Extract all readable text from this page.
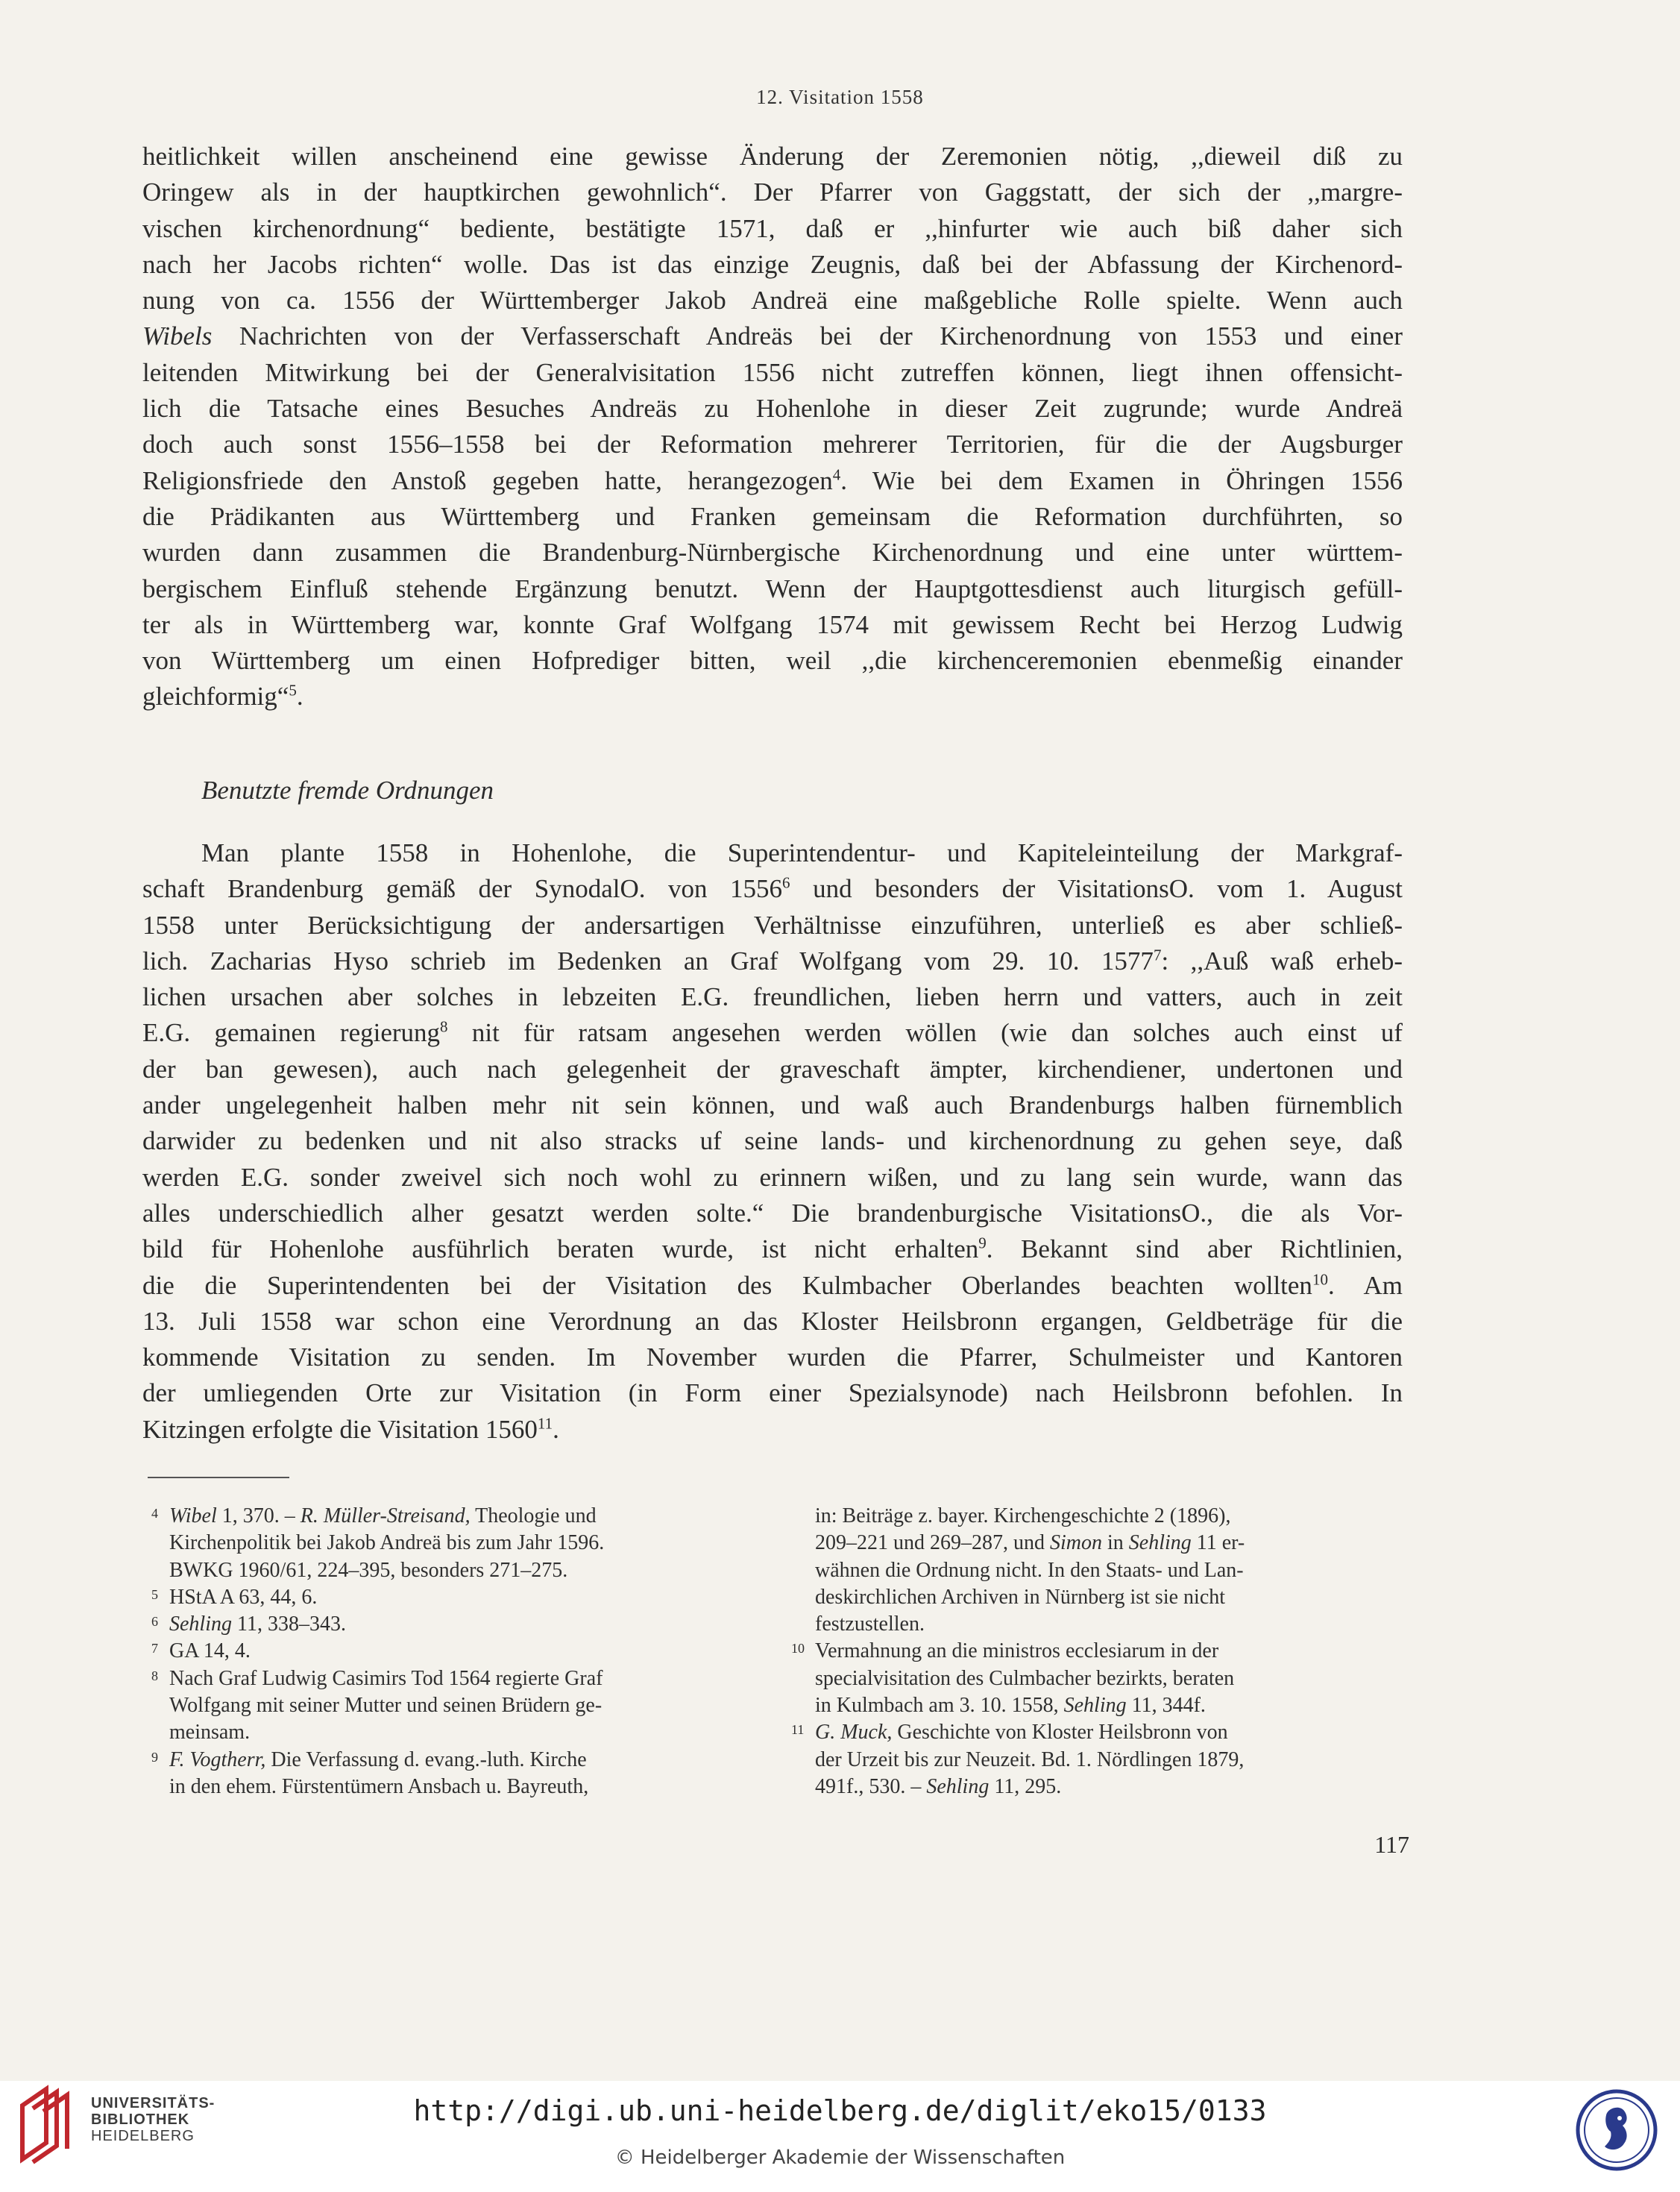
12. Visitation 1558
heitlichkeit willen anscheinend eine gewisse Änderung der Zeremonien nötig, ,,dieweil diß zu
Oringew als in der hauptkirchen gewohnlich“. Der Pfarrer von Gaggstatt, der sich der ,,margre-
vischen kirchenordnung“ bediente, bestätigte 1571, daß er ,,hinfurter wie auch biß daher sich
nach her Jacobs richten“ wolle. Das ist das einzige Zeugnis, daß bei der Abfassung der Kirchenord-
nung von ca. 1556 der Württemberger Jakob Andreä eine maßgebliche Rolle spielte. Wenn auch
Wibels Nachrichten von der Verfasserschaft Andreäs bei der Kirchenordnung von 1553 und einer
leitenden Mitwirkung bei der Generalvisitation 1556 nicht zutreffen können, liegt ihnen offensicht-
lich die Tatsache eines Besuches Andreäs zu Hohenlohe in dieser Zeit zugrunde; wurde Andreä
doch auch sonst 1556–1558 bei der Reformation mehrerer Territorien, für die der Augsburger
Religionsfriede den Anstoß gegeben hatte, herangezogen$^4$. Wie bei dem Examen in Öhringen 1556
die Prädikanten aus Württemberg und Franken gemeinsam die Reformation durchführten, so
wurden dann zusammen die Brandenburg-Nürnbergische Kirchenordnung und eine unter württem-
bergischem Einfluß stehende Ergänzung benutzt. Wenn der Hauptgottesdienst auch liturgisch gefüll-
ter als in Württemberg war, konnte Graf Wolfgang 1574 mit gewissem Recht bei Herzog Ludwig
von Württemberg um einen Hofprediger bitten, weil ,,die kirchenceremonien ebenmeßig einander
gleichformig“$^5$.
Benutzte fremde Ordnungen
Man plante 1558 in Hohenlohe, die Superintendentur- und Kapiteleinteilung der Markgraf-
schaft Brandenburg gemäß der SynodalO. von 1556$^6$ und besonders der VisitationsO. vom 1. August
1558 unter Berücksichtigung der andersartigen Verhältnisse einzuführen, unterließ es aber schließ-
lich. Zacharias Hyso schrieb im Bedenken an Graf Wolfgang vom 29. 10. 1577$^7$: ,,Auß waß erheb-
lichen ursachen aber solches in lebzeiten E.G. freundlichen, lieben herrn und vatters, auch in zeit
E.G. gemainen regierung$^8$ nit für ratsam angesehen werden wöllen (wie dan solches auch einst uf
der ban gewesen), auch nach gelegenheit der graveschaft ämpter, kirchendiener, undertonen und
ander ungelegenheit halben mehr nit sein können, und waß auch Brandenburgs halben fürnemblich
darwider zu bedenken und nit also stracks uf seine lands- und kirchenordnung zu gehen seye, daß
werden E.G. sonder zweivel sich noch wohl zu erinnern wißen, und zu lang sein wurde, wann das
alles underschiedlich alher gesatzt werden solte.“ Die brandenburgische VisitationsO., die als Vor-
bild für Hohenlohe ausführlich beraten wurde, ist nicht erhalten$^9$. Bekannt sind aber Richtlinien,
die die Superintendenten bei der Visitation des Kulmbacher Oberlandes beachten wollten$^{10}$. Am
13. Juli 1558 war schon eine Verordnung an das Kloster Heilsbronn ergangen, Geldbeträge für die
kommende Visitation zu senden. Im November wurden die Pfarrer, Schulmeister und Kantoren
der umliegenden Orte zur Visitation (in Form einer Spezialsynode) nach Heilsbronn befohlen. In
Kitzingen erfolgte die Visitation 1560$^{11}$.
4 Wibel 1, 370. – R. Müller-Streisand, Theologie und
Kirchenpolitik bei Jakob Andreä bis zum Jahr 1596.
BWKG 1960/61, 224–395, besonders 271–275.
5 HStA A 63, 44, 6.
6 Sehling 11, 338–343.
7 GA 14, 4.
8 Nach Graf Ludwig Casimirs Tod 1564 regierte Graf
Wolfgang mit seiner Mutter und seinen Brüdern ge-
meinsam.
9 F. Vogtherr, Die Verfassung d. evang.-luth. Kirche
in den ehem. Fürstentümern Ansbach u. Bayreuth,
in: Beiträge z. bayer. Kirchengeschichte 2 (1896),
209–221 und 269–287, und Simon in Sehling 11 er-
wähnen die Ordnung nicht. In den Staats- und Lan-
deskirchlichen Archiven in Nürnberg ist sie nicht
festzustellen.
10 Vermahnung an die ministros ecclesiarum in der
specialvisitation des Culmbacher bezirkts, beraten
in Kulmbach am 3. 10. 1558, Sehling 11, 344f.
11 G. Muck, Geschichte von Kloster Heilsbronn von
der Urzeit bis zur Neuzeit. Bd. 1. Nördlingen 1879,
491f., 530. – Sehling 11, 295.
117
UNIVERSITÄTS-
BIBLIOTHEK
HEIDELBERG
http://digi.ub.uni-heidelberg.de/diglit/eko15/0133
© Heidelberger Akademie der Wissenschaften
